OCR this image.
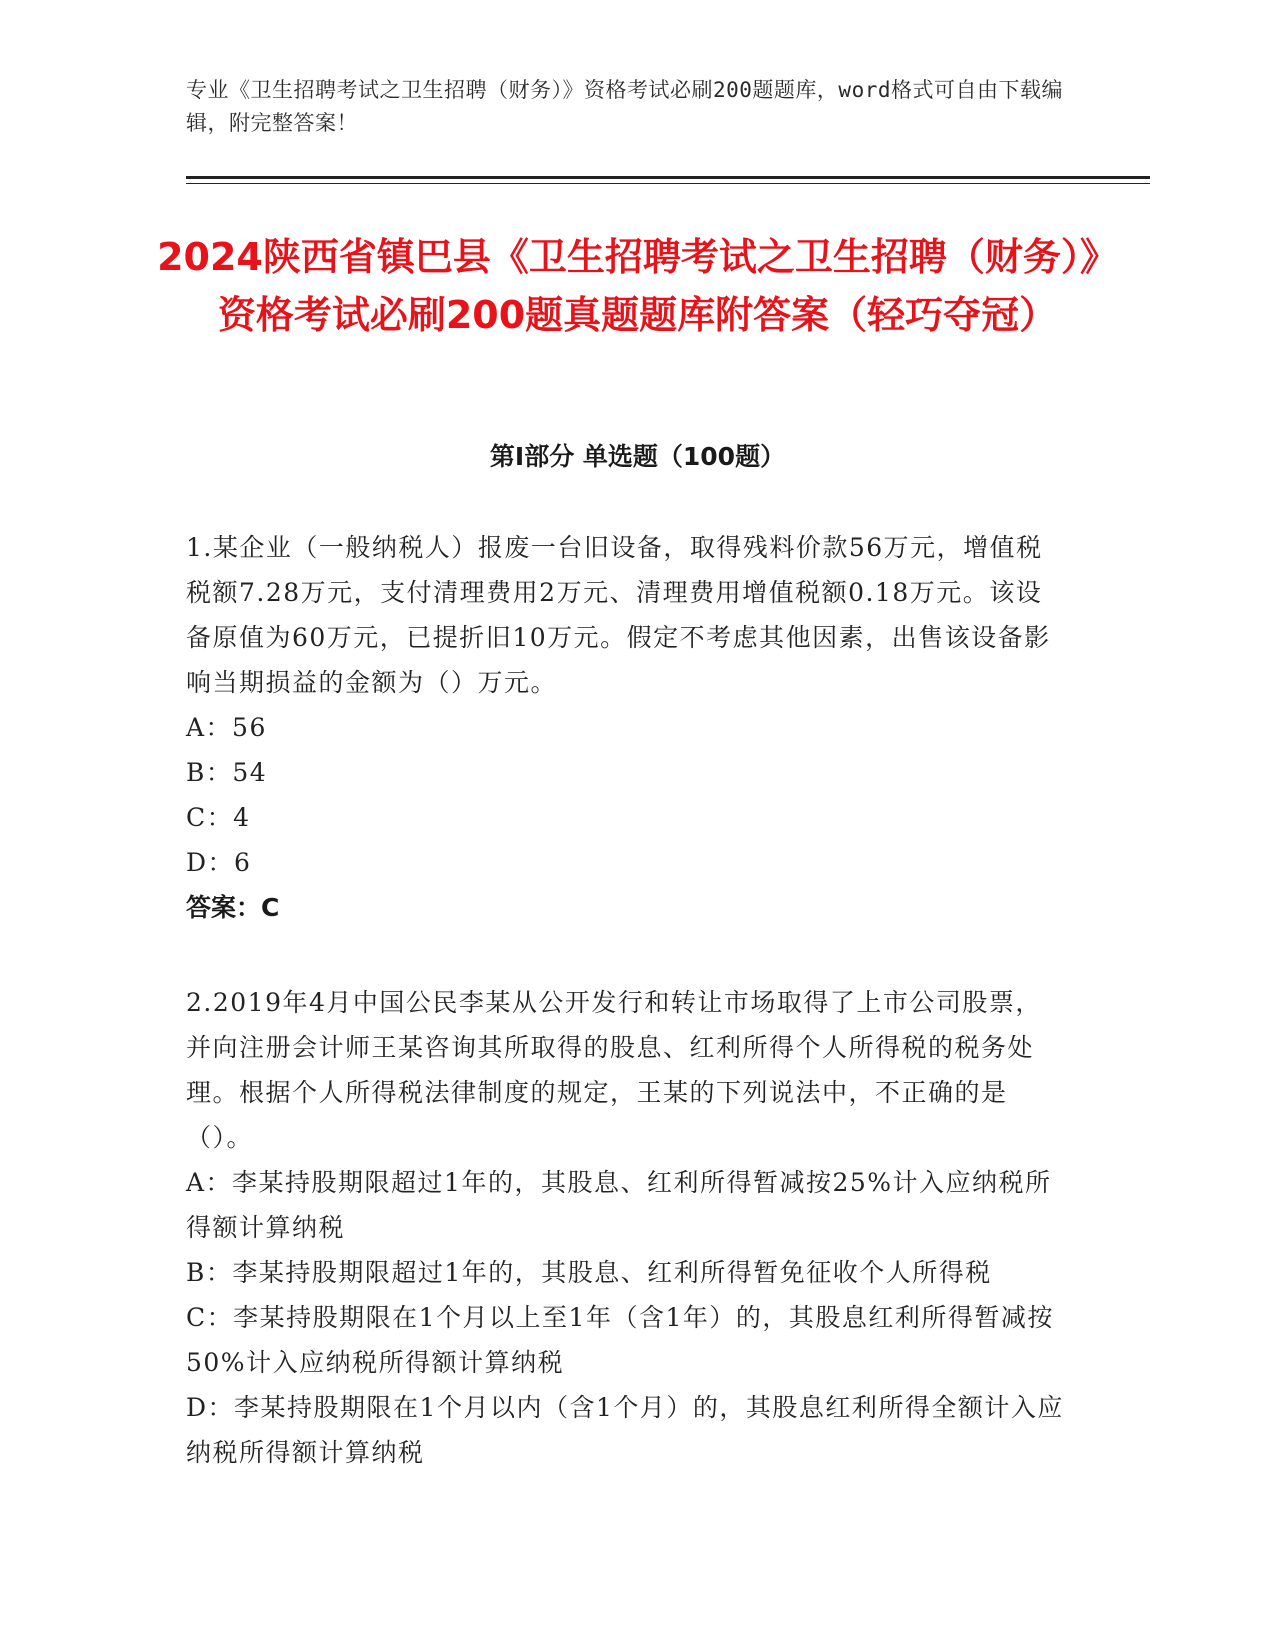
专业《卫生招聘考试之卫生招聘（财务）》资格考试必刷200题题库，word格式可自由下载编辑，附完整答案！
2024陕西省镇巴县《卫生招聘考试之卫生招聘（财务）》资格考试必刷200题真题题库附答案（轻巧夺冠）
第Ⅰ部分 单选题（100题）

1.某企业（一般纳税人）报废一台旧设备，取得残料价款56万元，增值税税额7.28万元，支付清理费用2万元、清理费用增值税额0.18万元。该设备原值为60万元，已提折旧10万元。假定不考虑其他因素，出售该设备影响当期损益的金额为（）万元。

A：56

B：54

C：4

D：6

答案：C

2.2019年4月中国公民李某从公开发行和转让市场取得了上市公司股票，并向注册会计师王某咨询其所取得的股息、红利所得个人所得税的税务处理。根据个人所得税法律制度的规定，王某的下列说法中，不正确的是（）。

A：李某持股期限超过1年的，其股息、红利所得暂减按25%计入应纳税所得额计算纳税

B：李某持股期限超过1年的，其股息、红利所得暂免征收个人所得税

C：李某持股期限在1个月以上至1年（含1年）的，其股息红利所得暂减按50%计入应纳税所得额计算纳税

D：李某持股期限在1个月以内（含1个月）的，其股息红利所得全额计入应纳税所得额计算纳税
